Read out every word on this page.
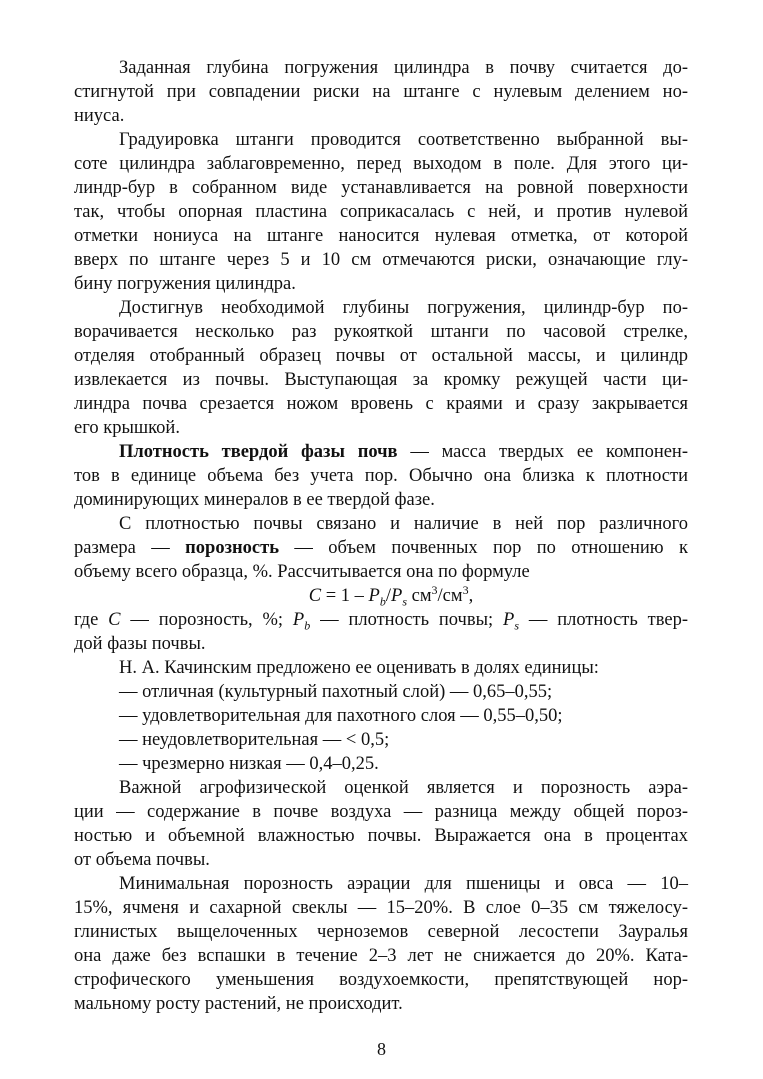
Заданная глубина погружения цилиндра в почву считается до-
стигнутой при совпадении риски на штанге с нулевым делением но-
ниуса.
Градуировка штанги проводится соответственно выбранной вы-
соте цилиндра заблаговременно, перед выходом в поле. Для этого ци-
линдр-бур в собранном виде устанавливается на ровной поверхности
так, чтобы опорная пластина соприкасалась с ней, и против нулевой
отметки нониуса на штанге наносится нулевая отметка, от которой
вверх по штанге через 5 и 10 см отмечаются риски, означающие глу-
бину погружения цилиндра.
Достигнув необходимой глубины погружения, цилиндр-бур по-
ворачивается несколько раз рукояткой штанги по часовой стрелке,
отделяя отобранный образец почвы от остальной массы, и цилиндр
извлекается из почвы. Выступающая за кромку режущей части ци-
линдра почва срезается ножом вровень с краями и сразу закрывается
его крышкой.
Плотность твердой фазы почв — масса твердых ее компонен-
тов в единице объема без учета пор. Обычно она близка к плотности
доминирующих минералов в ее твердой фазе.
С плотностью почвы связано и наличие в ней пор различного
размера — порозность — объем почвенных пор по отношению к
объему всего образца, %. Рассчитывается она по формуле
$C = 1 - P_b/P_s$ $см^3/см^3$,
где C — порозность, %; $P_b$ — плотность почвы; $P_s$ — плотность твер-
дой фазы почвы.
Н. А. Качинским предложено ее оценивать в долях единицы:
— отличная (культурный пахотный слой) — 0,65–0,55;
— удовлетворительная для пахотного слоя — 0,55–0,50;
— неудовлетворительная — < 0,5;
— чрезмерно низкая — 0,4–0,25.
Важной агрофизической оценкой является и порозность аэра-
ции — содержание в почве воздуха — разница между общей пороз-
ностью и объемной влажностью почвы. Выражается она в процентах
от объема почвы.
Минимальная порозность аэрации для пшеницы и овса — 10–
15%, ячменя и сахарной свеклы — 15–20%. В слое 0–35 см тяжелосу-
глинистых выщелоченных черноземов северной лесостепи Зауралья
она даже без вспашки в течение 2–3 лет не снижается до 20%. Ката-
строфического уменьшения воздухоемкости, препятствующей нор-
мальному росту растений, не происходит.
8
